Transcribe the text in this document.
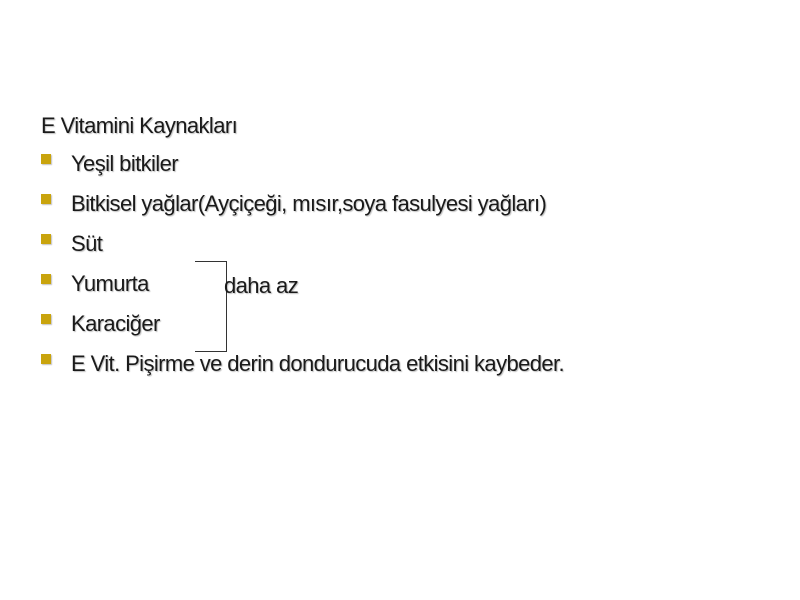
E Vitamini Kaynakları
Yeşil bitkiler
Bitkisel yağlar(Ayçiçeği, mısır,soya fasulyesi yağları)
Süt
Yumurta
Karaciğer
E Vit. Pişirme ve derin dondurucuda etkisini kaybeder.
daha az
